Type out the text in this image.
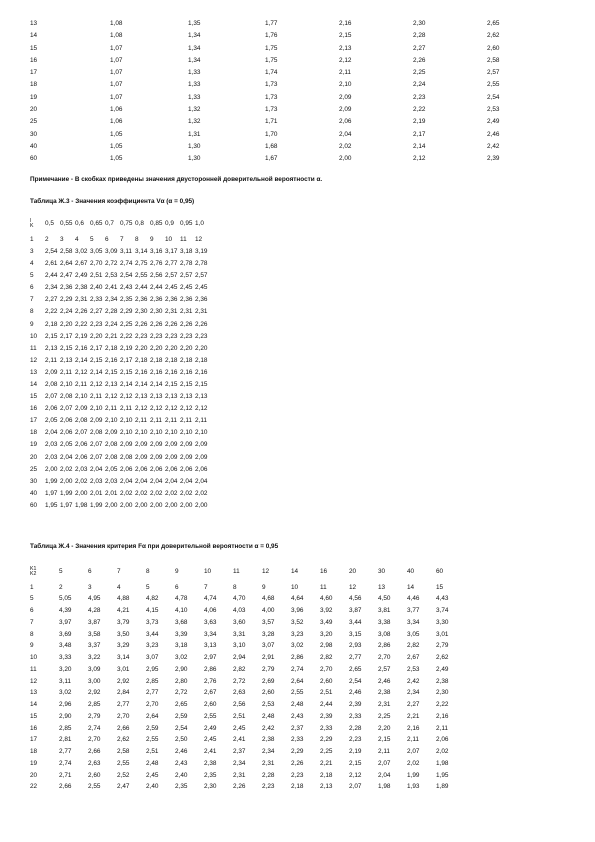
13	1,08	1,35	1,77	2,16	2,30	2,65
14	1,08	1,34	1,76	2,15	2,28	2,62
15	1,07	1,34	1,75	2,13	2,27	2,60
16	1,07	1,34	1,75	2,12	2,26	2,58
17	1,07	1,33	1,74	2,11	2,25	2,57
18	1,07	1,33	1,73	2,10	2,24	2,55
19	1,07	1,33	1,73	2,09	2,23	2,54
20	1,06	1,32	1,73	2,09	2,22	2,53
25	1,06	1,32	1,71	2,06	2,19	2,49
30	1,05	1,31	1,70	2,04	2,17	2,46
40	1,05	1,30	1,68	2,02	2,14	2,42
60	1,05	1,30	1,67	2,00	2,12	2,39
Примечание - В скобках приведены значения двусторонней доверительной вероятности α.
Таблица Ж.3 - Значения коэффициента Vα (α = 0,95)
l
K	0,5	0,55	0,6	0,65	0,7	0,75	0,8	0,85	0,9	0,95	1,0
1	2	3	4	5	6	7	8	9	10	11	12
3	2,54	2,58	3,02	3,05	3,09	3,11	3,14	3,16	3,17	3,18	3,19
4	2,61	2,64	2,67	2,70	2,72	2,74	2,75	2,76	2,77	2,78	2,78
5	2,44	2,47	2,49	2,51	2,53	2,54	2,55	2,56	2,57	2,57	2,57
6	2,34	2,36	2,38	2,40	2,41	2,43	2,44	2,44	2,45	2,45	2,45
7	2,27	2,29	2,31	2,33	2,34	2,35	2,36	2,36	2,36	2,36	2,36
8	2,22	2,24	2,26	2,27	2,28	2,29	2,30	2,30	2,31	2,31	2,31
9	2,18	2,20	2,22	2,23	2,24	2,25	2,26	2,26	2,26	2,26	2,26
10	2,15	2,17	2,19	2,20	2,21	2,22	2,23	2,23	2,23	2,23	2,23
11	2,13	2,15	2,16	2,17	2,18	2,19	2,20	2,20	2,20	2,20	2,20
12	2,11	2,13	2,14	2,15	2,16	2,17	2,18	2,18	2,18	2,18	2,18
13	2,09	2,11	2,12	2,14	2,15	2,15	2,16	2,16	2,16	2,16	2,16
14	2,08	2,10	2,11	2,12	2,13	2,14	2,14	2,14	2,15	2,15	2,15
15	2,07	2,08	2,10	2,11	2,12	2,12	2,13	2,13	2,13	2,13	2,13
16	2,06	2,07	2,09	2,10	2,11	2,11	2,12	2,12	2,12	2,12	2,12
17	2,05	2,06	2,08	2,09	2,10	2,10	2,11	2,11	2,11	2,11	2,11
18	2,04	2,06	2,07	2,08	2,09	2,10	2,10	2,10	2,10	2,10	2,10
19	2,03	2,05	2,06	2,07	2,08	2,09	2,09	2,09	2,09	2,09	2,09
20	2,03	2,04	2,06	2,07	2,08	2,08	2,09	2,09	2,09	2,09	2,09
25	2,00	2,02	2,03	2,04	2,05	2,06	2,06	2,06	2,06	2,06	2,06
30	1,99	2,00	2,02	2,03	2,03	2,04	2,04	2,04	2,04	2,04	2,04
40	1,97	1,99	2,00	2,01	2,01	2,02	2,02	2,02	2,02	2,02	2,02
60	1,95	1,97	1,98	1,99	2,00	2,00	2,00	2,00	2,00	2,00	2,00
Таблица Ж.4 - Значения критерия Fα при доверительной вероятности α = 0,95
K1
K2	5	6	7	8	9	10	11	12	14	16	20	30	40	60
1	2	3	4	5	6	7	8	9	10	11	12	13	14	15
5	5,05	4,95	4,88	4,82	4,78	4,74	4,70	4,68	4,64	4,60	4,56	4,50	4,46	4,43
6	4,39	4,28	4,21	4,15	4,10	4,06	4,03	4,00	3,96	3,92	3,87	3,81	3,77	3,74
7	3,97	3,87	3,79	3,73	3,68	3,63	3,60	3,57	3,52	3,49	3,44	3,38	3,34	3,30
8	3,69	3,58	3,50	3,44	3,39	3,34	3,31	3,28	3,23	3,20	3,15	3,08	3,05	3,01
9	3,48	3,37	3,29	3,23	3,18	3,13	3,10	3,07	3,02	2,98	2,93	2,86	2,82	2,79
10	3,33	3,22	3,14	3,07	3,02	2,97	2,94	2,91	2,86	2,82	2,77	2,70	2,67	2,62
11	3,20	3,09	3,01	2,95	2,90	2,86	2,82	2,79	2,74	2,70	2,65	2,57	2,53	2,49
12	3,11	3,00	2,92	2,85	2,80	2,76	2,72	2,69	2,64	2,60	2,54	2,46	2,42	2,38
13	3,02	2,92	2,84	2,77	2,72	2,67	2,63	2,60	2,55	2,51	2,46	2,38	2,34	2,30
14	2,96	2,85	2,77	2,70	2,65	2,60	2,56	2,53	2,48	2,44	2,39	2,31	2,27	2,22
15	2,90	2,79	2,70	2,64	2,59	2,55	2,51	2,48	2,43	2,39	2,33	2,25	2,21	2,16
16	2,85	2,74	2,66	2,59	2,54	2,49	2,45	2,42	2,37	2,33	2,28	2,20	2,16	2,11
17	2,81	2,70	2,62	2,55	2,50	2,45	2,41	2,38	2,33	2,29	2,23	2,15	2,11	2,06
18	2,77	2,66	2,58	2,51	2,46	2,41	2,37	2,34	2,29	2,25	2,19	2,11	2,07	2,02
19	2,74	2,63	2,55	2,48	2,43	2,38	2,34	2,31	2,26	2,21	2,15	2,07	2,02	1,98
20	2,71	2,60	2,52	2,45	2,40	2,35	2,31	2,28	2,23	2,18	2,12	2,04	1,99	1,95
22	2,66	2,55	2,47	2,40	2,35	2,30	2,26	2,23	2,18	2,13	2,07	1,98	1,93	1,89
